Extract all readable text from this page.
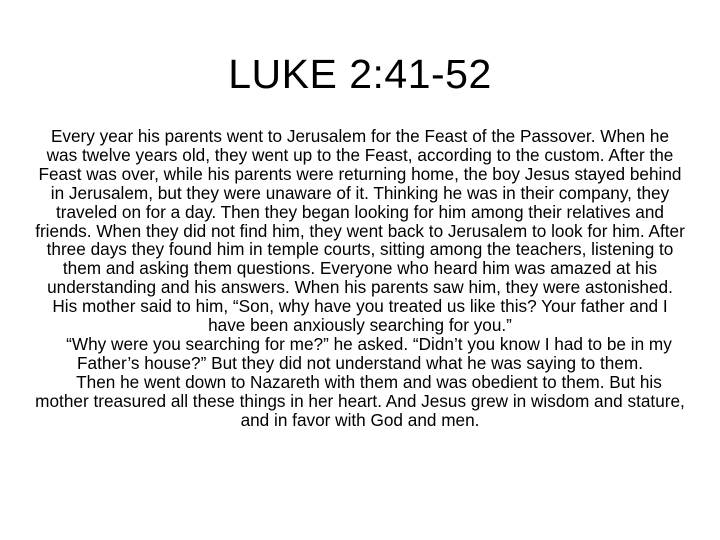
LUKE 2:41-52

Every year his parents went to Jerusalem for the Feast of the Passover. When he was twelve years old, they went up to the Feast, according to the custom. After the Feast was over, while his parents were returning home, the boy Jesus stayed behind in Jerusalem, but they were unaware of it. Thinking he was in their company, they traveled on for a day. Then they began looking for him among their relatives and friends. When they did not find him, they went back to Jerusalem to look for him. After three days they found him in temple courts, sitting among the teachers, listening to them and asking them questions. Everyone who heard him was amazed at his understanding and his answers. When his parents saw him, they were astonished. His mother said to him, “Son, why have you treated us like this? Your father and I have been anxiously searching for you.”

“Why were you searching for me?” he asked. “Didn’t you know I had to be in my Father’s house?” But they did not understand what he was saying to them.

Then he went down to Nazareth with them and was obedient to them. But his mother treasured all these things in her heart. And Jesus grew in wisdom and stature, and in favor with God and men.
